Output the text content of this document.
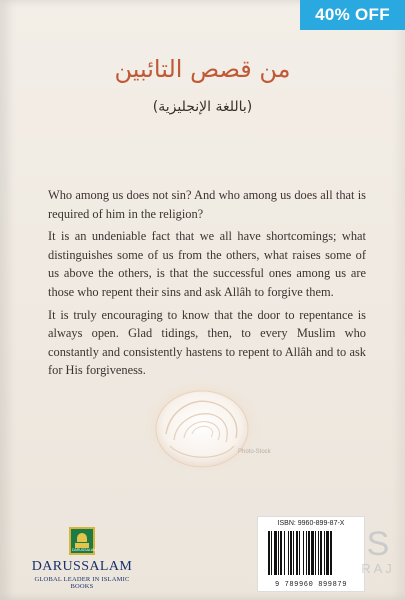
من قصص التائبين
(باللغة الإنجليزية)

Who among us does not sin? And who among us does all that is required of him in the religion?

It is an undeniable fact that we all have shortcomings; what distinguishes some of us from the others, what raises some of us above the others, is that the successful ones among us are those who repent their sins and ask Allâh to forgive them.

It is truly encouraging to know that the door to repentance is always open. Glad tidings, then, to every Muslim who constantly and consistently hastens to repent to Allâh and to ask for His forgiveness.

Photo-Stock
DARUSSALAM
DARUSSALAM
GLOBAL LEADER IN ISLAMIC BOOKS
ISBN: 9960-899-87-X
9 789960 899879
S
RAJ
40% OFF
